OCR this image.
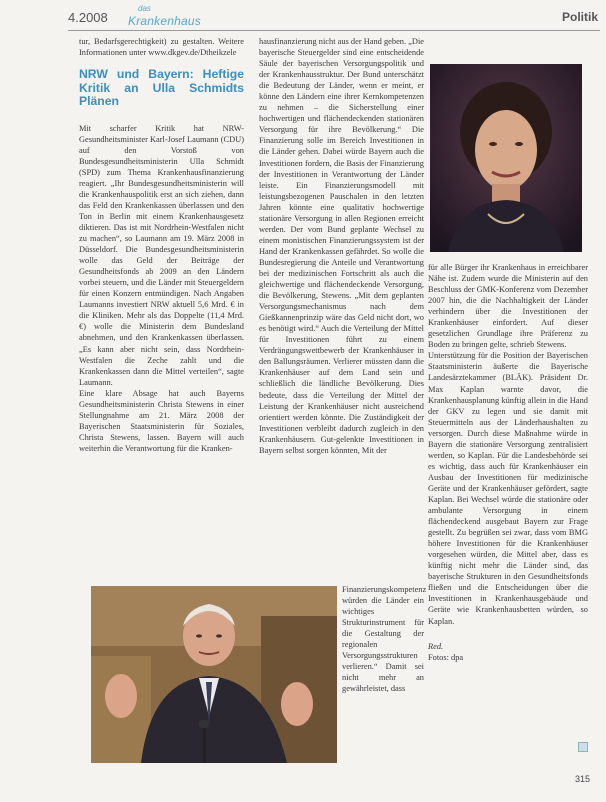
4.2008
das
Krankenhaus	Politik

tur, Bedarfsgerechtigkeit) zu gestalten. Weitere Informationen unter www.dkgev.de/Dtheikzele

NRW und Bayern: Heftige Kritik an Ulla Schmidts Plänen

Mit scharfer Kritik hat NRW-Gesundheitsminister Karl-Josef Laumann (CDU) auf den Vorstoß von Bundesgesundheitsministerin Ulla Schmidt (SPD) zum Thema Krankenhausfinanzierung reagiert. „Ihr Bundesgesundheitsministerin will die Krankenhauspolitik erst an sich ziehen, dann das Feld den Krankenkassen überlassen und den Ton in Berlin mit einem Krankenhausgesetz diktieren. Das ist mit Nordrhein-Westfalen nicht zu machen“, so Laumann am 19. März 2008 in Düsseldorf. Die Bundesgesundheitsministerin wolle das Geld der Beiträge der Gesundheitsfonds ab 2009 an den Ländern vorbei steuern, und die Länder mit Steuergeldern für einen Konzern entmündigen. Nach Angaben Laumanns investiert NRW aktuell 5,6 Mrd. € in die Kliniken. Mehr als das Doppelte (11,4 Mrd. €) wolle die Ministerin dem Bundesland abnehmen, und den Krankenkassen überlassen. „Es kann aber nicht sein, dass Nordrhein-Westfalen die Zeche zahlt und die Krankenkassen dann die Mittel verteilen“, sagte Laumann.

Eine klare Absage hat auch Bayerns Gesundheitsministerin Christa Stewens in einer Stellungnahme am 21. März 2008 der Bayerischen Staatsministerin für Soziales, Christa Stewens, lassen. Bayern will auch weiterhin die Verantwortung für die Kranken-

hausfinanzierung nicht aus der Hand geben. „Die bayerische Steuergelder sind eine entscheidende Säule der bayerischen Versorgungspolitik und der Krankenhausstruktur. Der Bund unterschätzt die Bedeutung der Länder, wenn er meint, er könne den Ländern eine ihrer Kernkompetenzen zu nehmen – die Sicherstellung einer hochwertigen und flächendeckenden stationären Versorgung für ihre Bevölkerung.“ Die Finanzierung solle im Bereich Investitionen in die Länder gehen. Dabei würde Bayern auch die Investitionen fordern, die Basis der Finanzierung der Investitionen in Verantwortung der Länder leiste. Ein Finanzierungsmodell mit leistungsbezogenen Pauschalen in den letzten Jahren könnte eine qualitativ hochwertige stationäre Versorgung in allen Regionen erreicht werden. Der vom Bund geplante Wechsel zu einem monistischen Finanzierungssystem ist der Hand der Krankenkassen gefährdet. So wolle die Bundesregierung die Anteile und Verantwortung bei der medizinischen Fortschritt als auch die gleichwertige und flächendeckende Versorgung, die Bevölkerung, Stewens. „Mit dem geplanten Versorgungsmechanismus nach dem Gießkannenprinzip wäre das Geld nicht dort, wo es benötigt wird.“ Auch die Verteilung der Mittel für Investitionen führt zu einem Verdrängungswettbewerb der Krankenhäuser in den Ballungsräumen. Verlierer müssten dann die Krankenhäuser auf dem Land sein und schließlich die ländliche Bevölkerung. Dies bedeute, dass die Verteilung der Mittel der Leistung der Krankenhäuser nicht ausreichend orientiert werden könnte. Die Zuständigkeit der Investitionen verbleibt dadurch zugleich in den Krankenhäusern. Gut-gelenkte Investitionen in Bayern selbst sorgen könnten, Mit der

Finanzierungskompetenz würden die Länder ein wichtiges Strukturinstrument für die Gestaltung der regionalen Versorgungsstrukturen verlieren.“ Damit sei nicht mehr an gewährleistet, dass

für alle Bürger ihr Krankenhaus in erreichbarer Nähe ist. Zudem wurde die Ministerin auf den Beschluss der GMK-Konferenz vom Dezember 2007 hin, die die Nachhaltigkeit der Länder verhindern über die Investitionen der Krankenhäuser einfordert. Auf dieser gesetzlichen Grundlage ihre Präferenz zu Boden zu bringen gelte, schrieb Stewens.

Unterstützung für die Position der Bayerischen Staatsministerin äußerte die Bayerische Landesärztekammer (BLÄK). Präsident Dr. Max Kaplan warnte davor, die Krankenhausplanung künftig allein in die Hand der GKV zu legen und sie damit mit Steuermitteln aus der Länderhaushalten zu versorgen. Durch diese Maßnahme würde in Bayern die stationäre Versorgung zentralisiert werden, so Kaplan. Für die Landesbehörde sei es wichtig, dass auch für Krankenhäuser ein Ausbau der Investitionen für medizinische Geräte und der Krankenhäuser gefördert, sagte Kaplan. Bei Wechsel würde die stationäre oder ambulante Versorgung in einem flächendeckend ausgebaut Bayern zur Frage gestellt. Zu begrüßen sei zwar, dass vom BMG höhere Investitionen für die Krankenhäuser vorgesehen würden, die Mittel aber, dass es künftig nicht mehr die Länder sind, das bayerische Strukturen in den Gesundheitsfonds fließen und die Entscheidungen über die Investitionen in Krankenhausgebäude und Geräte wie Krankenhausbetten würden, so Kaplan.

Red.

Fotos: dpa

315
